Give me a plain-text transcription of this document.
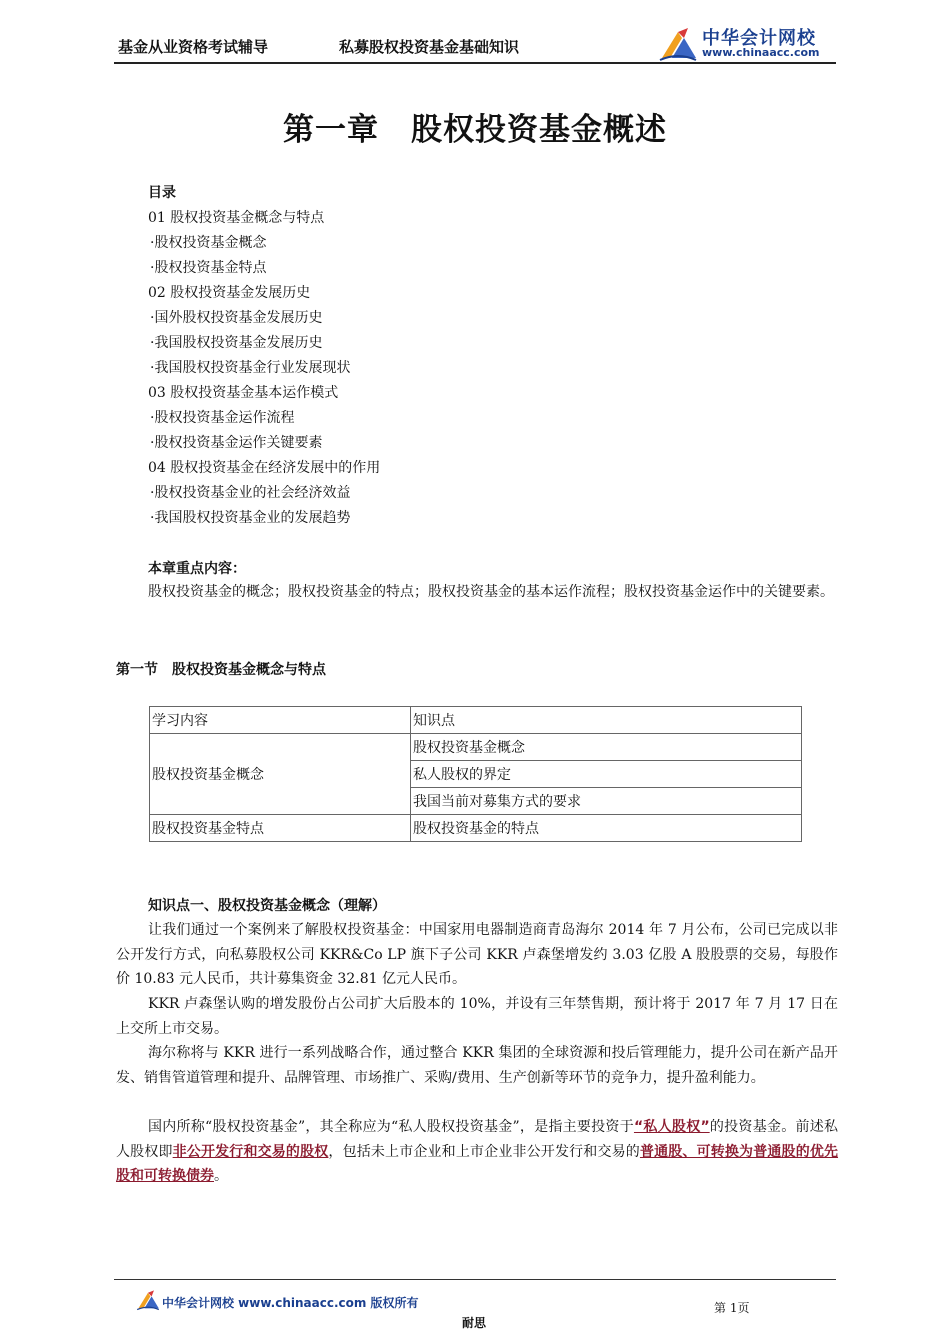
基金从业资格考试辅导	私募股权投资基金基础知识	中华会计网校
www.chinaacc.com
第一章　股权投资基金概述
目录
01 股权投资基金概念与特点
·股权投资基金概念
·股权投资基金特点
02 股权投资基金发展历史
·国外股权投资基金发展历史
·我国股权投资基金发展历史
·我国股权投资基金行业发展现状
03 股权投资基金基本运作模式
·股权投资基金运作流程
·股权投资基金运作关键要素
04 股权投资基金在经济发展中的作用
·股权投资基金业的社会经济效益
·我国股权投资基金业的发展趋势
本章重点内容：
股权投资基金的概念；股权投资基金的特点；股权投资基金的基本运作流程；股权投资基金运作中的关键要素。
第一节　股权投资基金概念与特点
学习内容	知识点
股权投资基金概念	股权投资基金概念
	私人股权的界定
	我国当前对募集方式的要求
股权投资基金特点	股权投资基金的特点
知识点一、股权投资基金概念（理解）
让我们通过一个案例来了解股权投资基金：中国家用电器制造商青岛海尔 2014 年 7 月公布，公司已完成以非公开发行方式，向私募股权公司 KKR&Co LP 旗下子公司 KKR 卢森堡增发约 3.03 亿股 A 股股票的交易，每股作价 10.83 元人民币，共计募集资金 32.81 亿元人民币。
KKR 卢森堡认购的增发股份占公司扩大后股本的 10%，并设有三年禁售期，预计将于 2017 年 7 月 17 日在上交所上市交易。
海尔称将与 KKR 进行一系列战略合作，通过整合 KKR 集团的全球资源和投后管理能力，提升公司在新产品开发、销售管道管理和提升、品牌管理、市场推广、采购/费用、生产创新等环节的竞争力，提升盈利能力。
国内所称“股权投资基金”，其全称应为“私人股权投资基金”，是指主要投资于“私人股权”的投资基金。前述私人股权即非公开发行和交易的股权，包括未上市企业和上市企业非公开发行和交易的普通股、可转换为普通股的优先股和可转换债券。
中华会计网校 www.chinaacc.com 版权所有	第 1页
耐思
